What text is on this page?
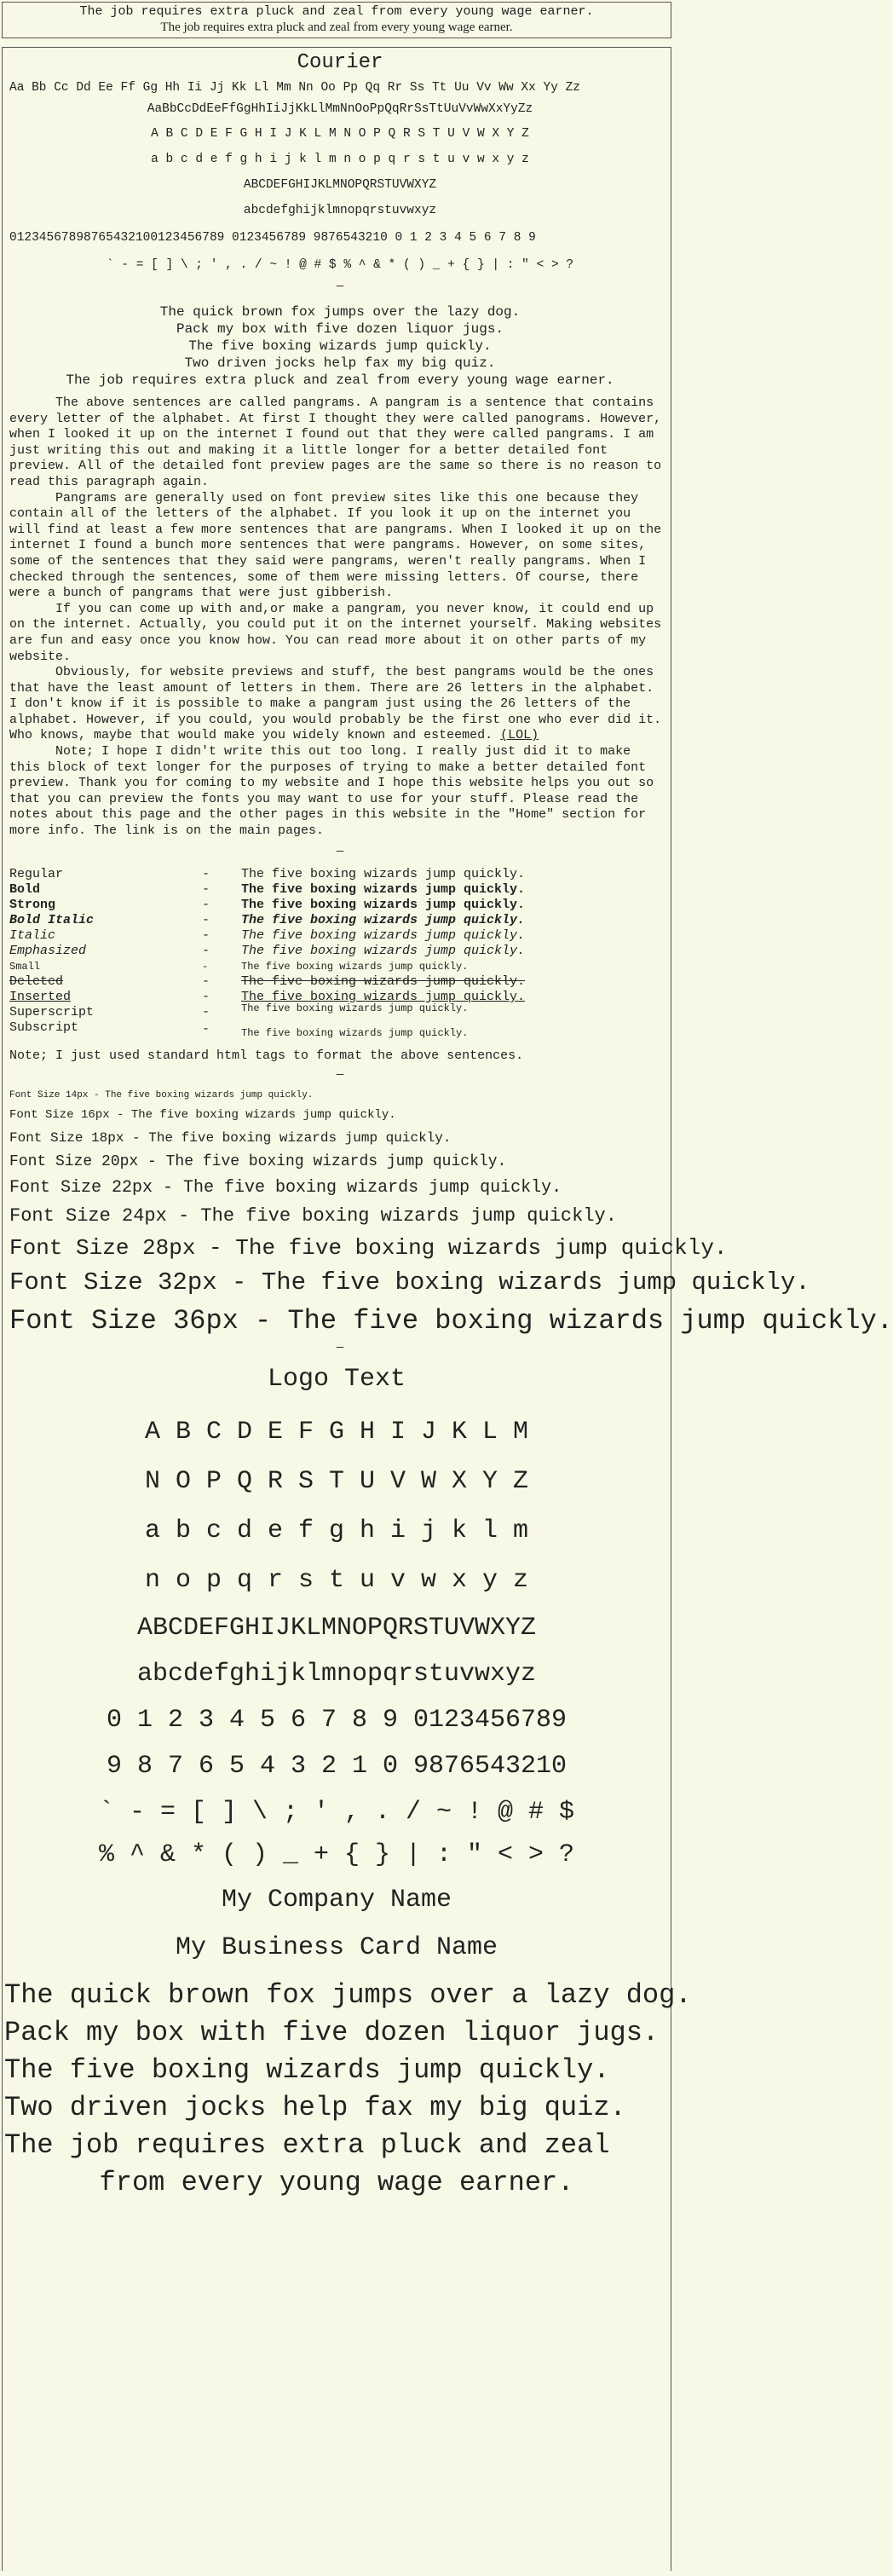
The job requires extra pluck and zeal from every young wage earner.
The job requires extra pluck and zeal from every young wage earner.
Courier
Aa Bb Cc Dd Ee Ff Gg Hh Ii Jj Kk Ll Mm Nn Oo Pp Qq Rr Ss Tt Uu Vv Ww Xx Yy Zz
AaBbCcDdEeFfGgHhIiJjKkLlMmNnOoPpQqRrSsTtUuVvWwXxYyZz
A B C D E F G H I J K L M N O P Q R S T U V W X Y Z
a b c d e f g h i j k l m n o p q r s t u v w x y z
ABCDEFGHIJKLMNOPQRSTUVWXYZ
abcdefghijklmnopqrstuvwxyz
01234567898765432100123456789 0123456789 9876543210 0 1 2 3 4 5 6 7 8 9
` - = [ ] \ ; ' , . / ~ ! @ # $ % ^ & * ( ) _ + { } | : " < > ?
—
The quick brown fox jumps over the lazy dog.
Pack my box with five dozen liquor jugs.
The five boxing wizards jump quickly.
Two driven jocks help fax my big quiz.
The job requires extra pluck and zeal from every young wage earner.

The above sentences are called pangrams. A pangram is a sentence that contains every letter of the alphabet. At first I thought they were called panograms. However, when I looked it up on the internet I found out that they were called pangrams. I am just writing this out and making it a little longer for a better detailed font preview. All of the detailed font preview pages are the same so there is no reason to read this paragraph again.

Pangrams are generally used on font preview sites like this one because they contain all of the letters of the alphabet. If you look it up on the internet you will find at least a few more sentences that are pangrams. When I looked it up on the internet I found a bunch more sentences that were pangrams. However, on some sites, some of the sentences that they said were pangrams, weren't really pangrams. When I checked through the sentences, some of them were missing letters. Of course, there were a bunch of pangrams that were just gibberish.

If you can come up with and,or make a pangram, you never know, it could end up on the internet. Actually, you could put it on the internet yourself. Making websites are fun and easy once you know how. You can read more about it on other parts of my website.

Obviously, for website previews and stuff, the best pangrams would be the ones that have the least amount of letters in them. There are 26 letters in the alphabet. I don't know if it is possible to make a pangram just using the 26 letters of the alphabet. However, if you could, you would probably be the first one who ever did it. Who knows, maybe that would make you widely known and esteemed. (LOL)

Note; I hope I didn't write this out too long. I really just did it to make this block of text longer for the purposes of trying to make a better detailed font preview. Thank you for coming to my website and I hope this website helps you out so that you can preview the fonts you may want to use for your stuff. Please read the notes about this page and the other pages in this website in the "Home" section for more info. The link is on the main pages.

—
Regular	-	The five boxing wizards jump quickly.
Bold	-	The five boxing wizards jump quickly.
Strong	-	The five boxing wizards jump quickly.
Bold Italic	-	The five boxing wizards jump quickly.
Italic	-	The five boxing wizards jump quickly.
Emphasized	-	The five boxing wizards jump quickly.
Small	-	The five boxing wizards jump quickly.
Deleted	-	The five boxing wizards jump quickly.
Inserted	-	The five boxing wizards jump quickly.
Superscript	-	The five boxing wizards jump quickly.
Subscript	-	The five boxing wizards jump quickly.
Note; I just used standard html tags to format the above sentences.
—
Font Size 14px - The five boxing wizards jump quickly.
Font Size 16px - The five boxing wizards jump quickly.
Font Size 18px - The five boxing wizards jump quickly.
Font Size 20px - The five boxing wizards jump quickly.
Font Size 22px - The five boxing wizards jump quickly.
Font Size 24px - The five boxing wizards jump quickly.
Font Size 28px - The five boxing wizards jump quickly.
Font Size 32px - The five boxing wizards jump quickly.
Font Size 36px - The five boxing wizards jump quickly.
—
Logo Text
A B C D E F G H I J K L M
N O P Q R S T U V W X Y Z
a b c d e f g h i j k l m
n o p q r s t u v w x y z
ABCDEFGHIJKLMNOPQRSTUVWXYZ
abcdefghijklmnopqrstuvwxyz
0 1 2 3 4 5 6 7 8 9 0123456789
9 8 7 6 5 4 3 2 1 0 9876543210
` - = [ ] \ ; ' , . / ~ ! @ # $
% ^ & * ( ) _ + { } | : " < > ?
My Company Name
My Business Card Name
The quick brown fox jumps over a lazy dog.
Pack my box with five dozen liquor jugs.
The five boxing wizards jump quickly.
Two driven jocks help fax my big quiz.
The job requires extra pluck and zeal
from every young wage earner.
